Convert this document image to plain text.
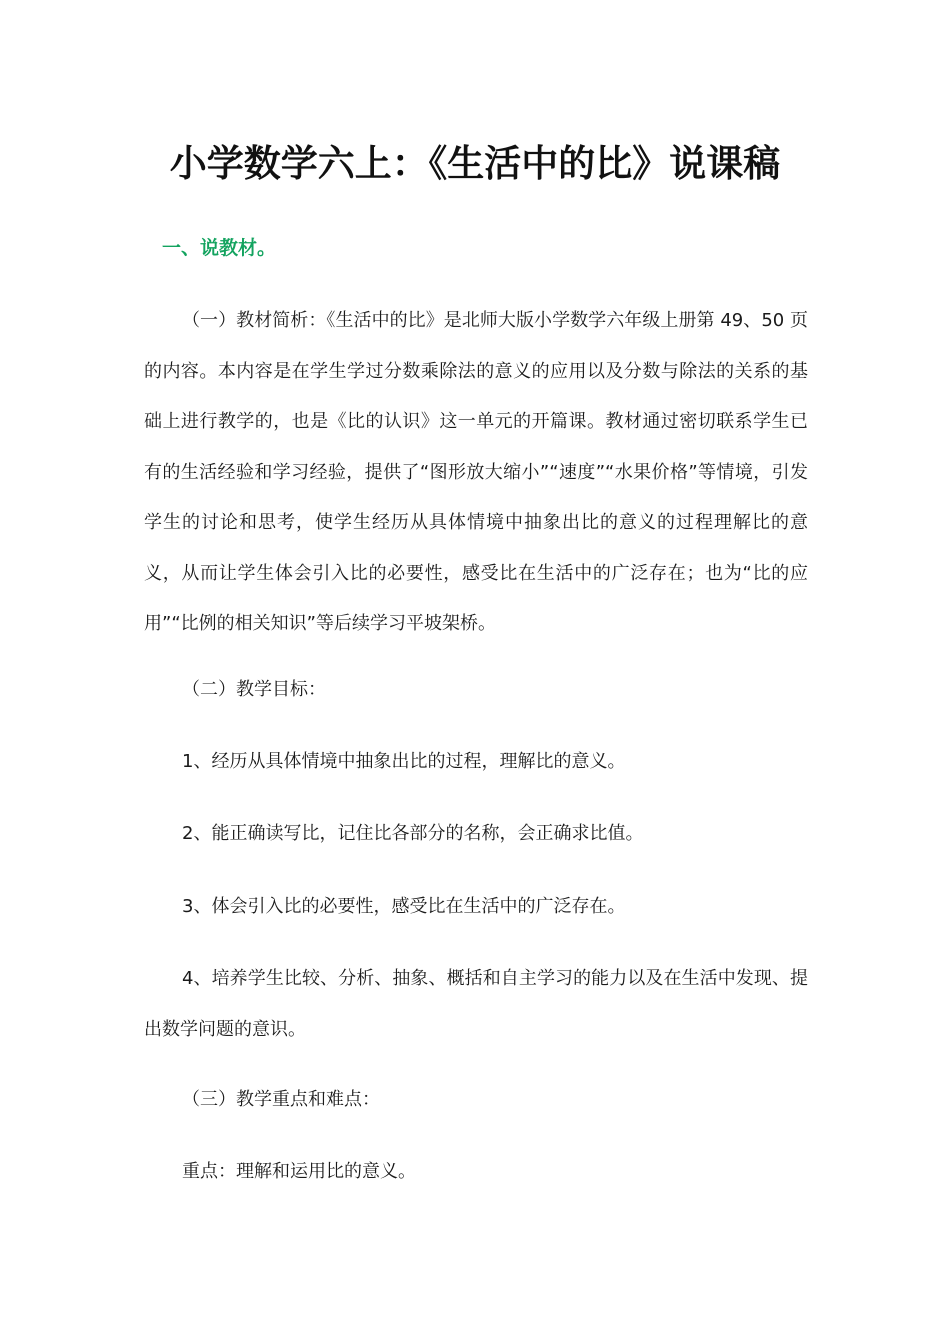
小学数学六上：《生活中的比》说课稿
一、说教材。
（一）教材简析：《生活中的比》是北师大版小学数学六年级上册第 49、50 页的内容。本内容是在学生学过分数乘除法的意义的应用以及分数与除法的关系的基础上进行教学的，也是《比的认识》这一单元的开篇课。教材通过密切联系学生已有的生活经验和学习经验，提供了“图形放大缩小”“速度”“水果价格”等情境，引发学生的讨论和思考，使学生经历从具体情境中抽象出比的意义的过程理解比的意义，从而让学生体会引入比的必要性，感受比在生活中的广泛存在；也为“比的应用”“比例的相关知识”等后续学习平坡架桥。
（二）教学目标：
1、经历从具体情境中抽象出比的过程，理解比的意义。
2、能正确读写比，记住比各部分的名称，会正确求比值。
3、体会引入比的必要性，感受比在生活中的广泛存在。
4、培养学生比较、分析、抽象、概括和自主学习的能力以及在生活中发现、提出数学问题的意识。
（三）教学重点和难点：
重点：理解和运用比的意义。
